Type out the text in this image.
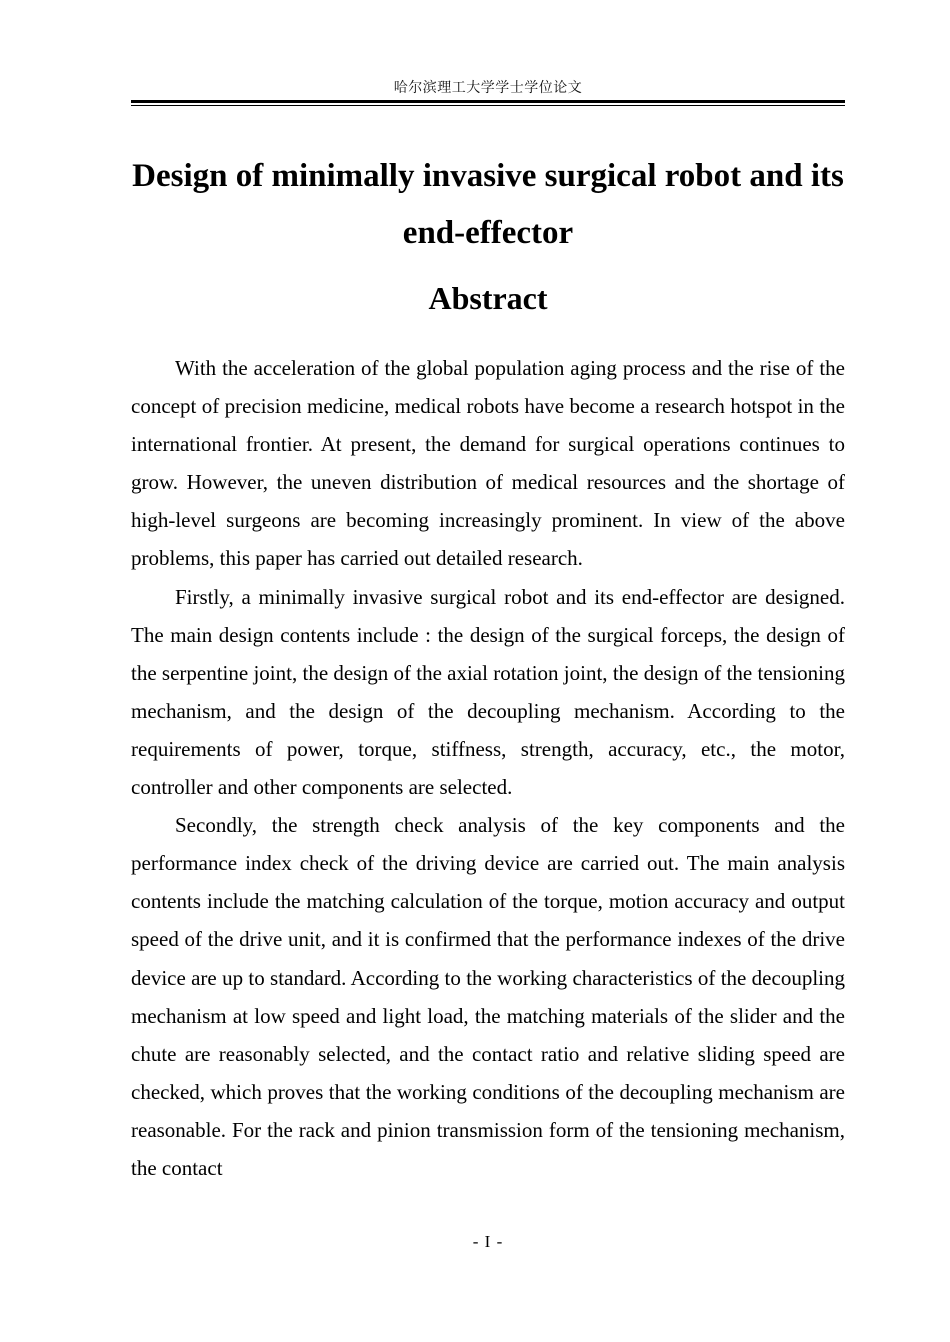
哈尔滨理工大学学士学位论文
Design of minimally invasive surgical robot and its end-effector
Abstract

With the acceleration of the global population aging process and the rise of the concept of precision medicine, medical robots have become a research hotspot in the international frontier. At present, the demand for surgical operations continues to grow. However, the uneven distribution of medical resources and the shortage of high-level surgeons are becoming increasingly prominent. In view of the above problems, this paper has carried out detailed research.

Firstly, a minimally invasive surgical robot and its end-effector are designed. The main design contents include : the design of the surgical forceps, the design of the serpentine joint, the design of the axial rotation joint, the design of the tensioning mechanism, and the design of the decoupling mechanism. According to the requirements of power, torque, stiffness, strength, accuracy, etc., the motor, controller and other components are selected.

Secondly, the strength check analysis of the key components and the performance index check of the driving device are carried out. The main analysis contents include the matching calculation of the torque, motion accuracy and output speed of the drive unit, and it is confirmed that the performance indexes of the drive device are up to standard. According to the working characteristics of the decoupling mechanism at low speed and light load, the matching materials of the slider and the chute are reasonably selected, and the contact ratio and relative sliding speed are checked, which proves that the working conditions of the decoupling mechanism are reasonable. For the rack and pinion transmission form of the tensioning mechanism, the contact

- I -
